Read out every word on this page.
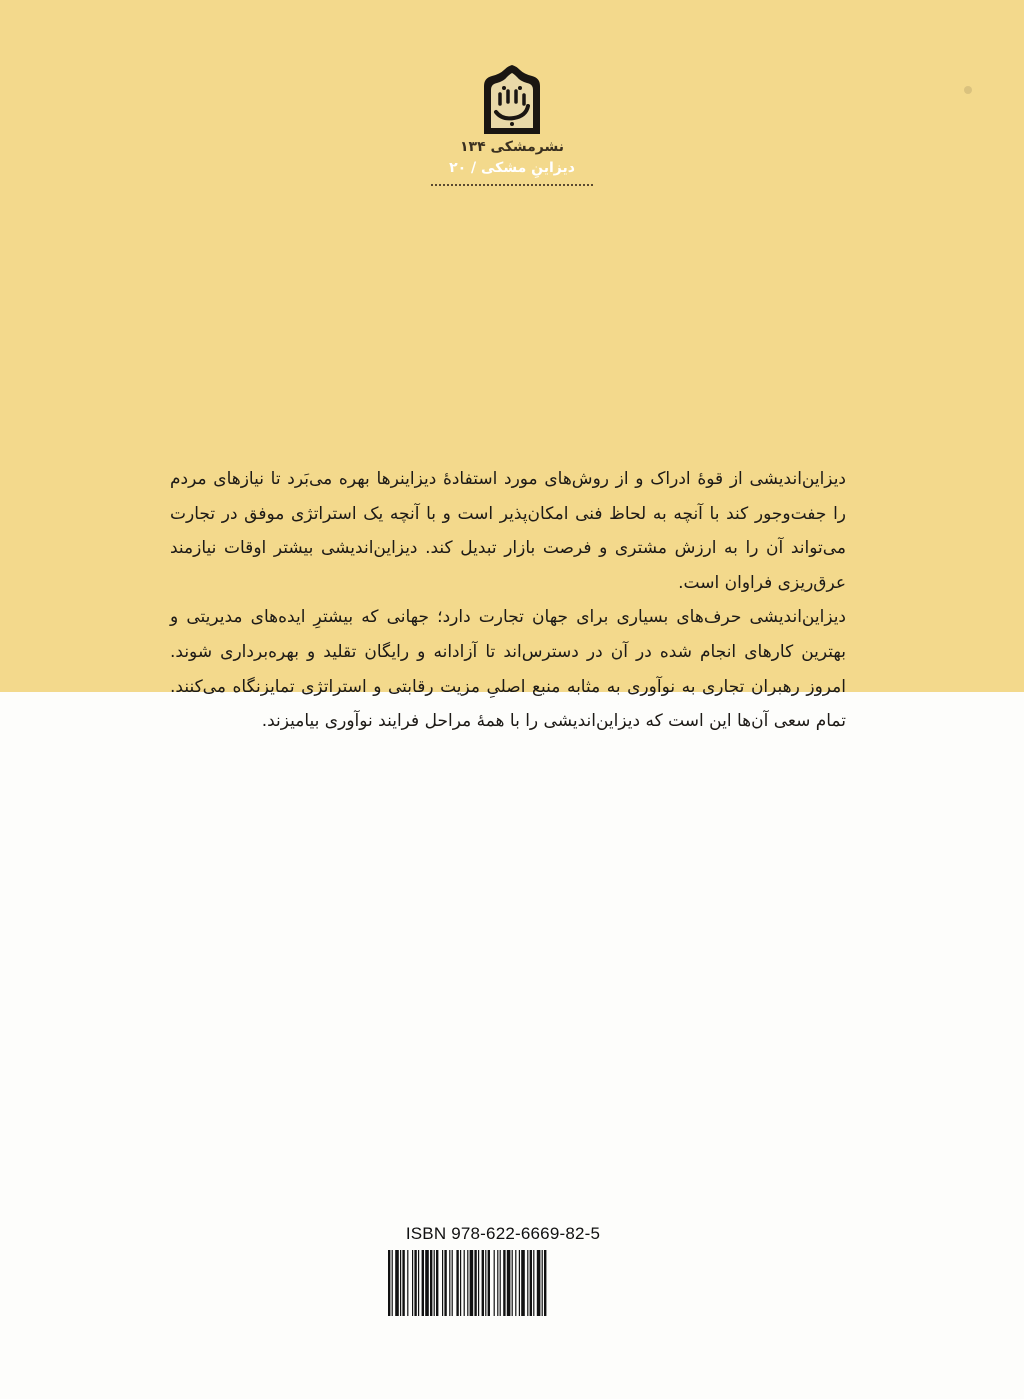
نشرمشکی ۱۳۴
دیزاینِ مشکی / ۲۰

دیزاین‌اندیشی از قوهٔ ادراک و از روش‌های مورد استفادهٔ دیزاینرها بهره می‌بَرد تا نیازهای مردم را جفت‌وجور کند با آنچه به لحاظ فنی امکان‌پذیر است و با آنچه یک استراتژی موفق در تجارت می‌تواند آن را به ارزش مشتری و فرصت بازار تبدیل کند. دیزاین‌اندیشی بیشتر اوقات نیازمند عرق‌ریزی فراوان است.

دیزاین‌اندیشی حرف‌های بسیاری برای جهان تجارت دارد؛ جهانی که بیشترِ ایده‌های مدیریتی و بهترین کارهای انجام شده در آن در دسترس‌اند تا آزادانه و رایگان تقلید و بهره‌برداری شوند. امروز رهبران تجاری به نوآوری به مثابه منبع اصلیِ مزیت رقابتی و استراتژی تمایزنگاه می‌کنند. تمام سعی آن‌ها این است که دیزاین‌اندیشی را با همهٔ مراحل فرایند نوآوری بیامیزند.

ISBN 978-622-6669-82-5
